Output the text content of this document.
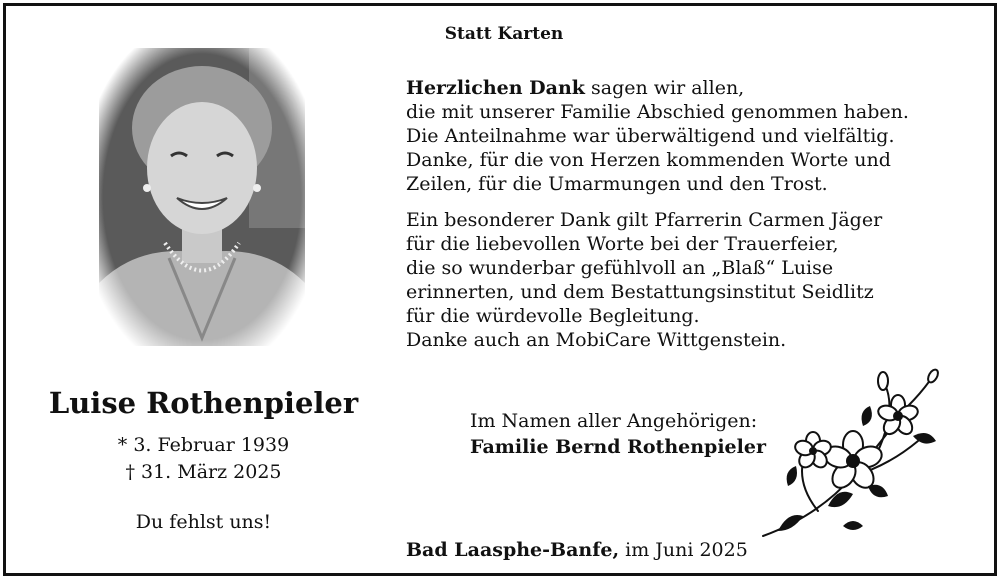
Statt Karten
Luise Rothenpieler
* 3. Februar 1939
† 31. März 2025
Du fehlst uns!
Herzlichen Dank sagen wir allen,
die mit unserer Familie Abschied genommen haben.
Die Anteilnahme war überwältigend und vielfältig.
Danke, für die von Herzen kommenden Worte und
Zeilen, für die Umarmungen und den Trost.
Ein besonderer Dank gilt Pfarrerin Carmen Jäger
für die liebevollen Worte bei der Trauerfeier,
die so wunderbar gefühlvoll an „Blaß“ Luise
erinnerten, und dem Bestattungsinstitut Seidlitz
für die würdevolle Begleitung.
Danke auch an MobiCare Wittgenstein.
Im Namen aller Angehörigen:
Familie Bernd Rothenpieler
Bad Laasphe-Banfe, im Juni 2025
